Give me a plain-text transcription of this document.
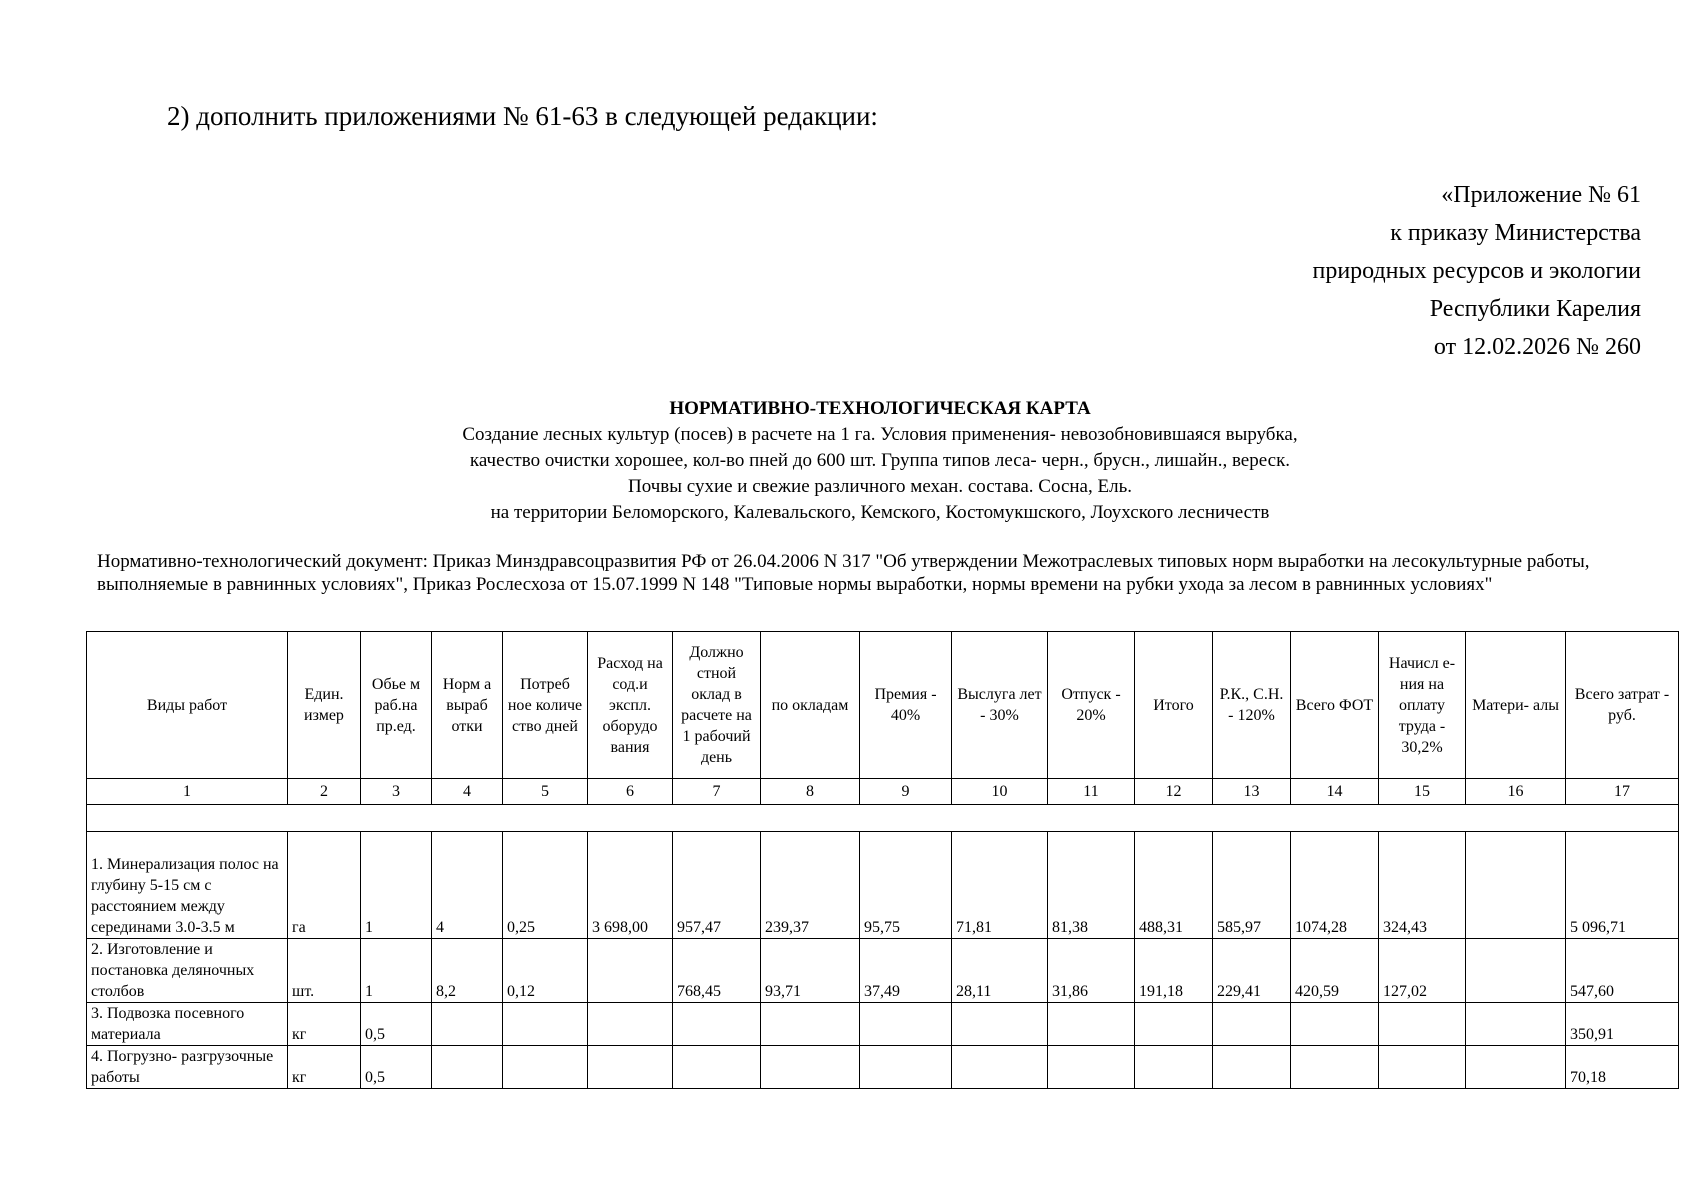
2) дополнить приложениями № 61-63 в следующей редакции:
«Приложение № 61
к приказу Министерства
природных ресурсов и экологии
Республики Карелия
от 12.02.2026 № 260
НОРМАТИВНО-ТЕХНОЛОГИЧЕСКАЯ КАРТА
Создание лесных культур (посев) в расчете на 1 га. Условия применения- невозобновившаяся вырубка,
качество очистки хорошее, кол-во пней до 600 шт. Группа типов леса- черн., брусн., лишайн., вереск.
Почвы сухие и свежие различного механ. состава. Сосна, Ель.
на территории Беломорского, Калевальского, Кемского, Костомукшского, Лоухского лесничеств
Нормативно-технологический документ: Приказ Минздравсоцразвития РФ от 26.04.2006 N 317 "Об утверждении Межотраслевых типовых норм выработки на лесокультурные работы, выполняемые в равнинных условиях", Приказ Рослесхоза от 15.07.1999 N 148 "Типовые нормы выработки, нормы времени на рубки ухода за лесом в равнинных условиях"
Виды работ	Един. измер	Обье м раб.на пр.ед.	Норм а выраб отки	Потреб ное количе ство дней	Расход на сод.и экспл. оборудо вания	Должно стной оклад в расчете на 1 рабочий день	по окладам	Премия - 40%	Выслуга лет - 30%	Отпуск - 20%	Итого	Р.К., С.Н. - 120%	Всего ФОТ	Начисл е-ния на оплату труда - 30,2%	Матери- алы	Всего затрат - руб.
1	2	3	4	5	6	7	8	9	10	11	12	13	14	15	16	17

1. Минерализация полос на глубину 5-15 см с расстоянием между серединами 3.0-3.5 м	га	1	4	0,25	3 698,00	957,47	239,37	95,75	71,81	81,38	488,31	585,97	1074,28	324,43		5 096,71
2. Изготовление и постановка деляночных столбов	шт.	1	8,2	0,12		768,45	93,71	37,49	28,11	31,86	191,18	229,41	420,59	127,02		547,60
3. Подвозка посевного материала	кг	0,5														350,91
4. Погрузно- разгрузочные работы	кг	0,5														70,18
